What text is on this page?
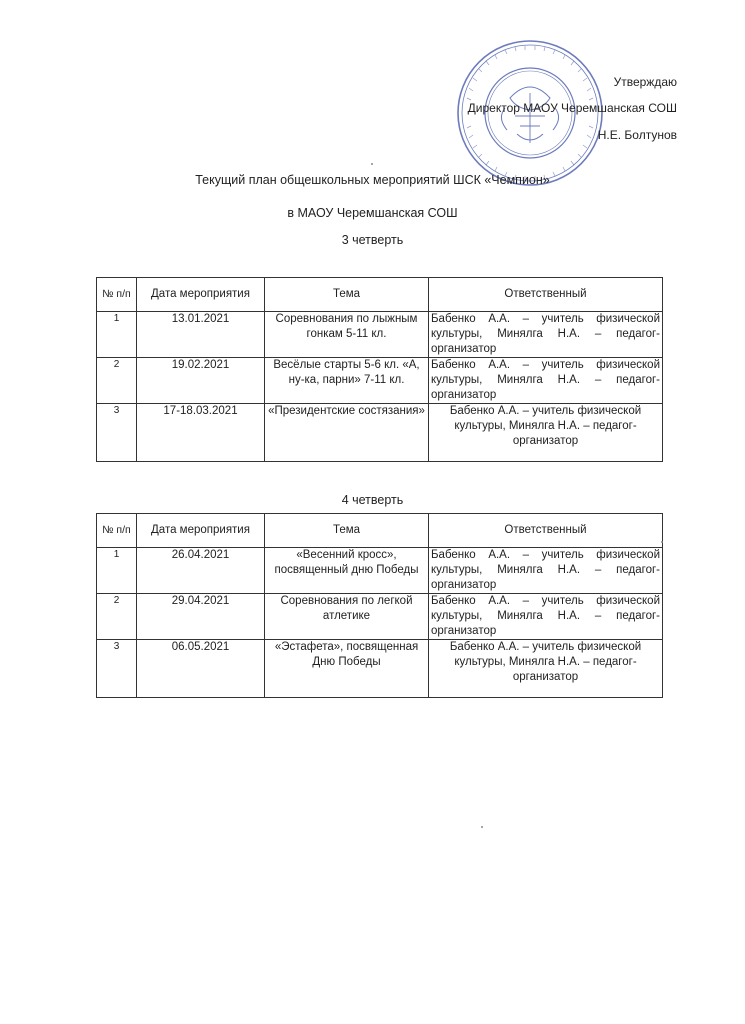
Утверждаю
Директор МАОУ Черемшанская СОШ
Н.Е. Болтунов
Текущий план общешкольных мероприятий ШСК «Чемпион»
в МАОУ Черемшанская СОШ
3 четверть
№ п/п	Дата мероприятия	Тема	Ответственный
1	13.01.2021	Соревнования по лыжным гонкам 5-11 кл.	Бабенко А.А. – учитель физической культуры, Минялга Н.А. – педагог-организатор
2	19.02.2021	Весёлые старты 5-6 кл. «А, ну-ка, парни» 7-11 кл.	Бабенко А.А. – учитель физической культуры, Минялга Н.А. – педагог-организатор
3	17-18.03.2021	«Президентские состязания»	Бабенко А.А. – учитель физической культуры, Минялга Н.А. – педагог-организатор
4 четверть
№ п/п	Дата мероприятия	Тема	Ответственный
1	26.04.2021	«Весенний кросс», посвященный дню Победы	Бабенко А.А. – учитель физической культуры, Минялга Н.А. – педагог-организатор
2	29.04.2021	Соревнования по легкой атлетике	Бабенко А.А. – учитель физической культуры, Минялга Н.А. – педагог-организатор
3	06.05.2021	«Эстафета», посвященная Дню Победы	Бабенко А.А. – учитель физической культуры, Минялга Н.А. – педагог-организатор
